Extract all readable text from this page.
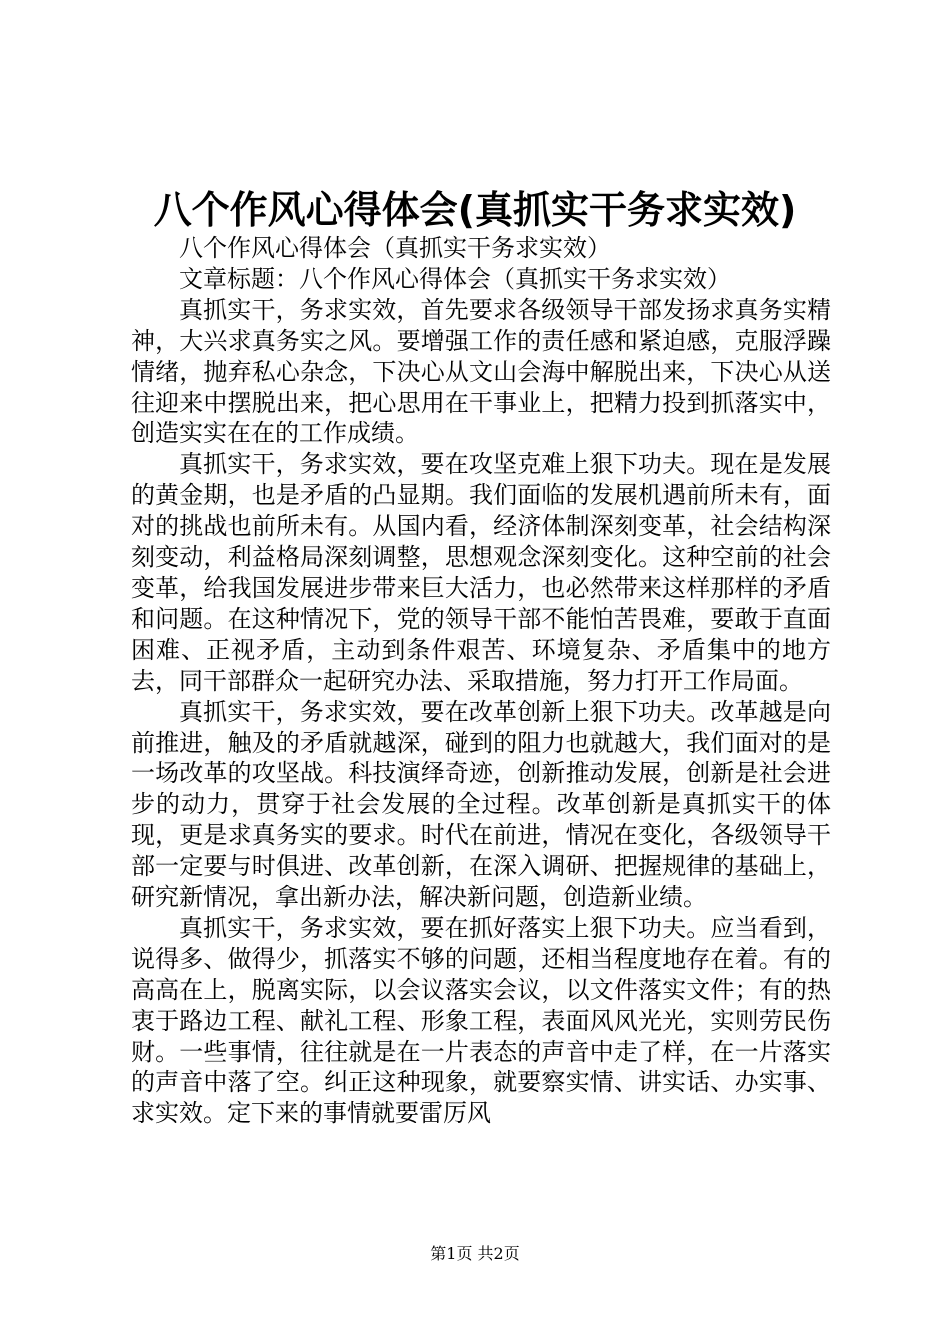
八个作风心得体会(真抓实干务求实效)

八个作风心得体会（真抓实干务求实效）

文章标题：八个作风心得体会（真抓实干务求实效）

真抓实干，务求实效，首先要求各级领导干部发扬求真务实精神，大兴求真务实之风。要增强工作的责任感和紧迫感，克服浮躁情绪，抛弃私心杂念，下决心从文山会海中解脱出来，下决心从送往迎来中摆脱出来，把心思用在干事业上，把精力投到抓落实中，创造实实在在的工作成绩。

真抓实干，务求实效，要在攻坚克难上狠下功夫。现在是发展的黄金期，也是矛盾的凸显期。我们面临的发展机遇前所未有，面对的挑战也前所未有。从国内看，经济体制深刻变革，社会结构深刻变动，利益格局深刻调整，思想观念深刻变化。这种空前的社会变革，给我国发展进步带来巨大活力，也必然带来这样那样的矛盾和问题。在这种情况下，党的领导干部不能怕苦畏难，要敢于直面困难、正视矛盾，主动到条件艰苦、环境复杂、矛盾集中的地方去，同干部群众一起研究办法、采取措施，努力打开工作局面。

真抓实干，务求实效，要在改革创新上狠下功夫。改革越是向前推进，触及的矛盾就越深，碰到的阻力也就越大，我们面对的是一场改革的攻坚战。科技演绎奇迹，创新推动发展，创新是社会进步的动力，贯穿于社会发展的全过程。改革创新是真抓实干的体现，更是求真务实的要求。时代在前进，情况在变化，各级领导干部一定要与时俱进、改革创新，在深入调研、把握规律的基础上，研究新情况，拿出新办法，解决新问题，创造新业绩。

真抓实干，务求实效，要在抓好落实上狠下功夫。应当看到，说得多、做得少，抓落实不够的问题，还相当程度地存在着。有的高高在上，脱离实际，以会议落实会议，以文件落实文件；有的热衷于路边工程、献礼工程、形象工程，表面风风光光，实则劳民伤财。一些事情，往往就是在一片表态的声音中走了样，在一片落实的声音中落了空。纠正这种现象，就要察实情、讲实话、办实事、求实效。定下来的事情就要雷厉风

第1页 共2页
